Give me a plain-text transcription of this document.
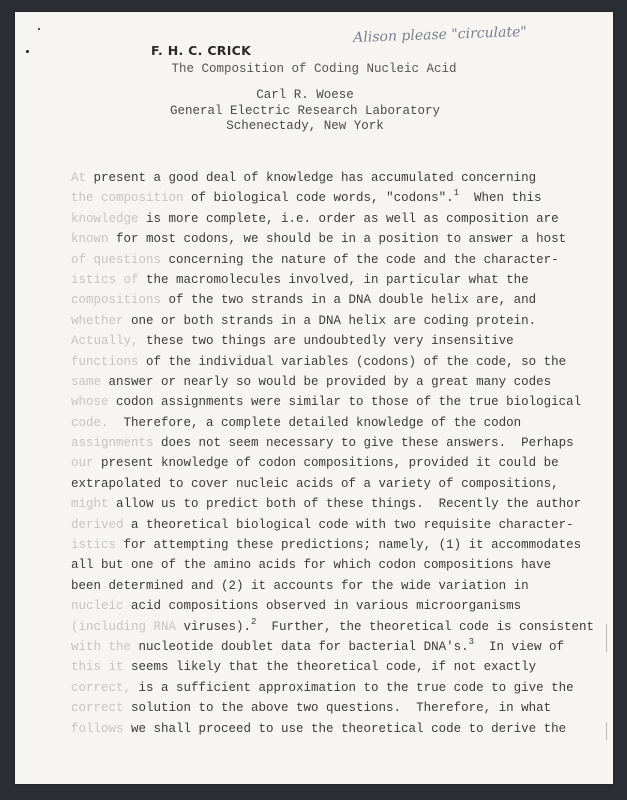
F. H. C. CRICK
Alison please "circulate"
The Composition of Coding Nucleic Acid
Carl R. Woese
General Electric Research Laboratory
Schenectady, New York
At present a good deal of knowledge has accumulated concerning
the composition of biological code words, "codons".$^1$  When this
knowledge is more complete, i.e. order as well as composition are
known for most codons, we should be in a position to answer a host
of questions concerning the nature of the code and the character-
istics of the macromolecules involved, in particular what the
compositions of the two strands in a DNA double helix are, and
whether one or both strands in a DNA helix are coding protein.
Actually, these two things are undoubtedly very insensitive
functions of the individual variables (codons) of the code, so the
same answer or nearly so would be provided by a great many codes
whose codon assignments were similar to those of the true biological
code.  Therefore, a complete detailed knowledge of the codon
assignments does not seem necessary to give these answers.  Perhaps
our present knowledge of codon compositions, provided it could be
extrapolated to cover nucleic acids of a variety of compositions,
might allow us to predict both of these things.  Recently the author
derived a theoretical biological code with two requisite character-
istics for attempting these predictions; namely, (1) it accommodates
all but one of the amino acids for which codon compositions have
been determined and (2) it accounts for the wide variation in
nucleic acid compositions observed in various microorganisms
(including RNA viruses).$^2$  Further, the theoretical code is consistent
with the nucleotide doublet data for bacterial DNA's.$^3$  In view of
this it seems likely that the theoretical code, if not exactly
correct, is a sufficient approximation to the true code to give the
correct solution to the above two questions.  Therefore, in what
follows we shall proceed to use the theoretical code to derive the
